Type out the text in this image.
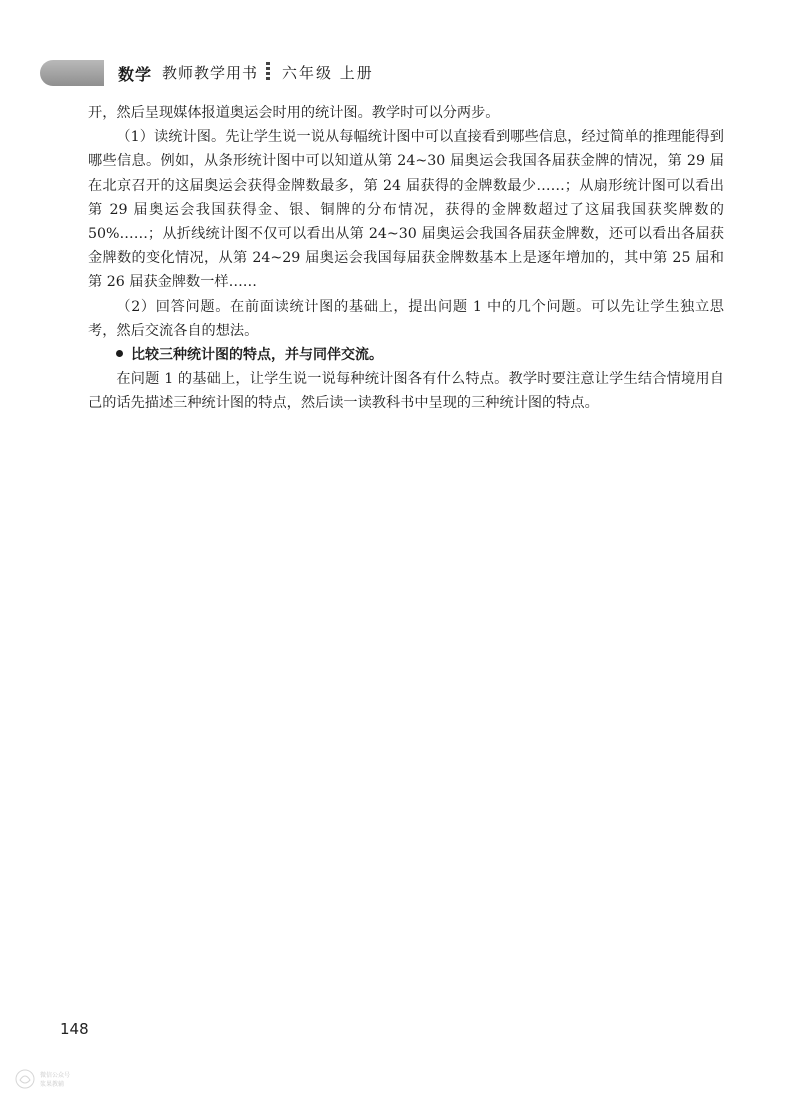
数学 教师教学用书 六年级 上册

开，然后呈现媒体报道奥运会时用的统计图。教学时可以分两步。

（1）读统计图。先让学生说一说从每幅统计图中可以直接看到哪些信息，经过简单的推理能得到哪些信息。例如，从条形统计图中可以知道从第 24~30 届奥运会我国各届获金牌的情况，第 29 届在北京召开的这届奥运会获得金牌数最多，第 24 届获得的金牌数最少……；从扇形统计图可以看出第 29 届奥运会我国获得金、银、铜牌的分布情况，获得的金牌数超过了这届我国获奖牌数的 50%……；从折线统计图不仅可以看出从第 24~30 届奥运会我国各届获金牌数，还可以看出各届获金牌数的变化情况，从第 24~29 届奥运会我国每届获金牌数基本上是逐年增加的，其中第 25 届和第 26 届获金牌数一样……

（2）回答问题。在前面读统计图的基础上，提出问题 1 中的几个问题。可以先让学生独立思考，然后交流各自的想法。

比较三种统计图的特点，并与同伴交流。

在问题 1 的基础上，让学生说一说每种统计图各有什么特点。教学时要注意让学生结合情境用自己的话先描述三种统计图的特点，然后读一读教科书中呈现的三种统计图的特点。

148
微信公众号
浆果教辅
